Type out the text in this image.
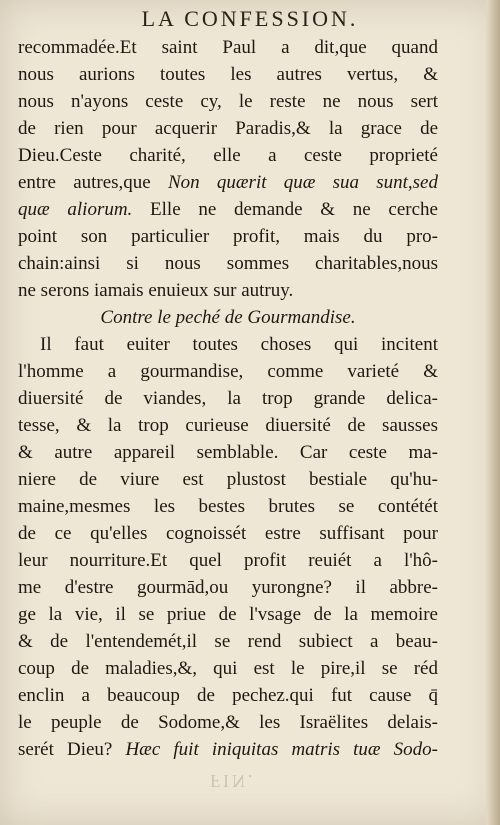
LA CONFESSION.
recommadée.Et saint Paul a dit,que quand
nous aurions toutes les autres vertus, &
nous n'ayons ceste cy, le reste ne nous sert
de rien pour acquerir Paradis,& la grace de
Dieu.Ceste charité, elle a ceste proprieté
entre autres,que Non quærit quæ sua sunt,sed
quæ aliorum. Elle ne demande & ne cerche
point son particulier profit, mais du pro-
chain:ainsi si nous sommes charitables,nous
ne serons iamais enuieux sur autruy.
Contre le peché de Gourmandise.
Il faut euiter toutes choses qui incitent
l'homme a gourmandise, comme varieté &
diuersité de viandes, la trop grande delica-
tesse, & la trop curieuse diuersité de sausses
& autre appareil semblable. Car ceste ma-
niere de viure est plustost bestiale qu'hu-
maine,mesmes les bestes brutes se contétét
de ce qu'elles cognoissét estre suffisant pour
leur nourriture.Et quel profit reuiét a l'hô-
me d'estre gourmād,ou yurongne? il abbre-
ge la vie, il se priue de l'vsage de la memoire
& de l'entendemét,il se rend subiect a beau-
coup de maladies,&, qui est le pire,il se réd
enclin a beaucoup de pechez.qui fut cause q̄
le peuple de Sodome,& les Israëlites delais-
serét Dieu? Hæc fuit iniquitas matris tuæ Sodo-
FIN.
